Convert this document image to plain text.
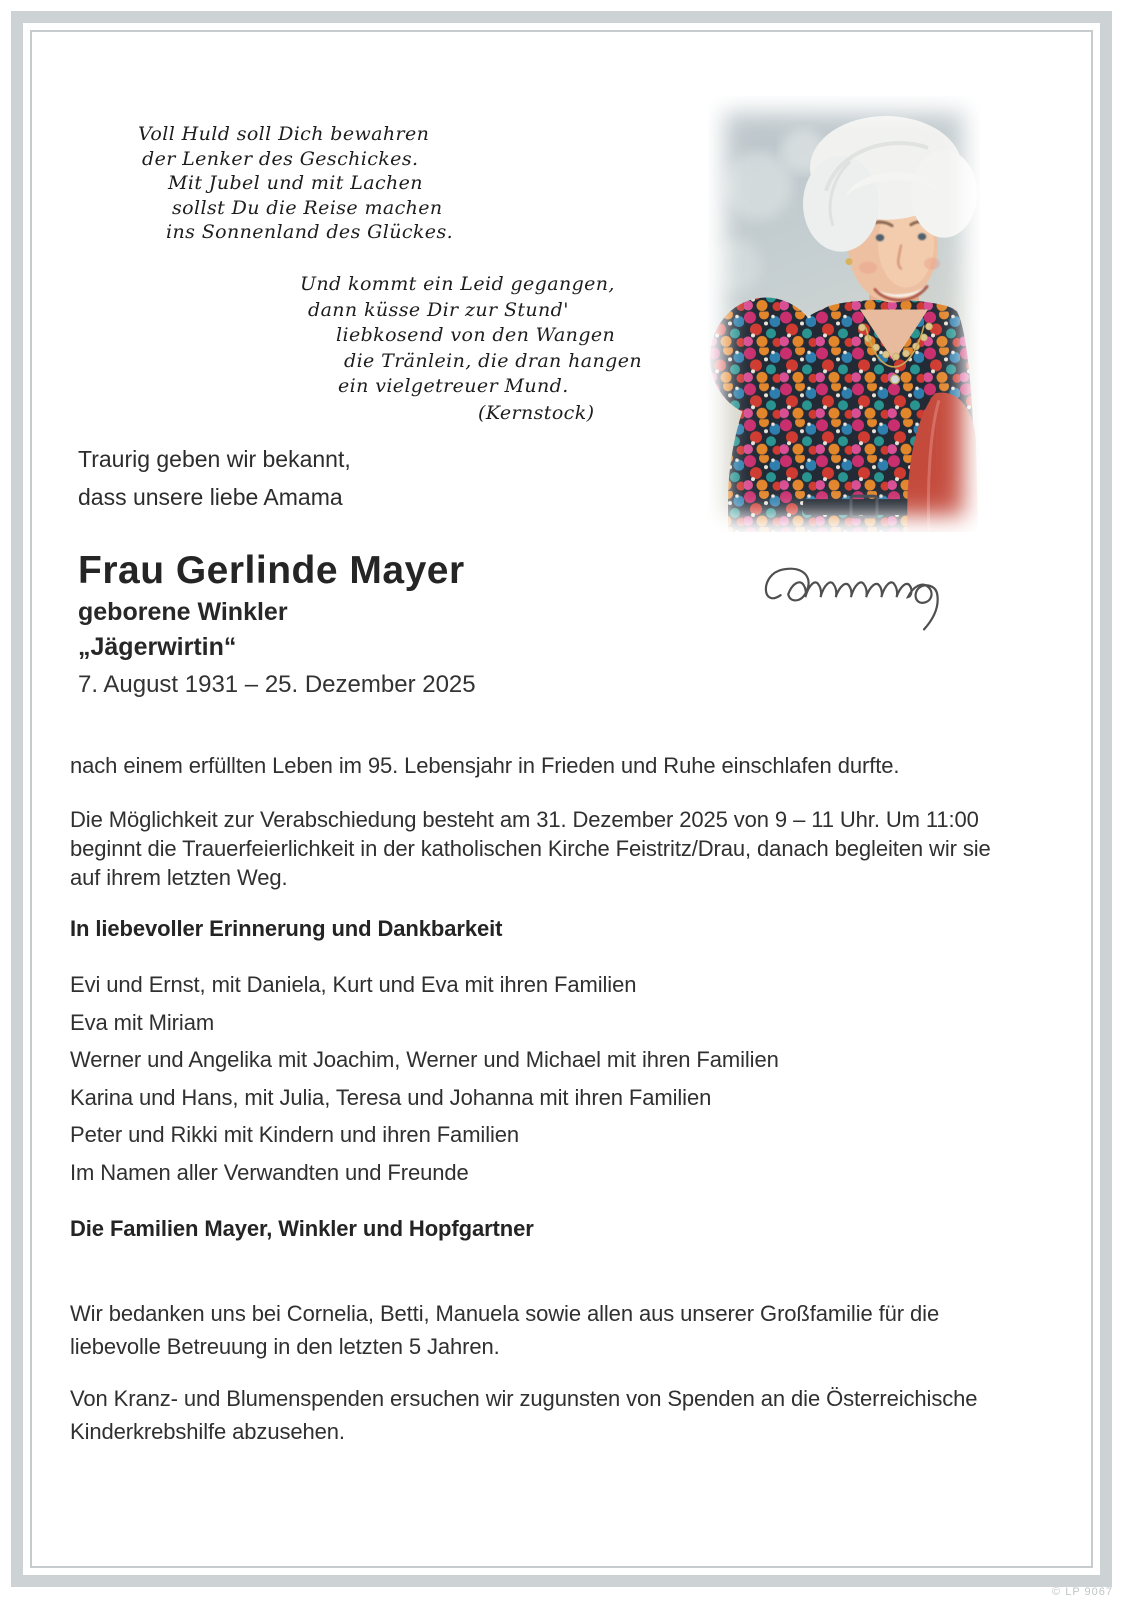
Voll Huld soll Dich bewahren
der Lenker des Geschickes.
Mit Jubel und mit Lachen
sollst Du die Reise machen
ins Sonnenland des Glückes.
Und kommt ein Leid gegangen,
dann küsse Dir zur Stund'
liebkosend von den Wangen
die Tränlein, die dran hangen
ein vielgetreuer Mund.
(Kernstock)
Traurig geben wir bekannt,
dass unsere liebe Amama
Frau Gerlinde Mayer
geborene Winkler
„Jägerwirtin“
7. August 1931 – 25. Dezember 2025
nach einem erfüllten Leben im 95. Lebensjahr in Frieden und Ruhe einschlafen durfte.
Die Möglichkeit zur Verabschiedung besteht am 31. Dezember 2025 von 9 – 11 Uhr. Um 11:00
beginnt die Trauerfeierlichkeit in der katholischen Kirche Feistritz/Drau, danach begleiten wir sie
auf ihrem letzten Weg.
In liebevoller Erinnerung und Dankbarkeit
Evi und Ernst, mit Daniela, Kurt und Eva mit ihren Familien
Eva mit Miriam
Werner und Angelika mit Joachim, Werner und Michael mit ihren Familien
Karina und Hans, mit Julia, Teresa und Johanna mit ihren Familien
Peter und Rikki mit Kindern und ihren Familien
Im Namen aller Verwandten und Freunde
Die Familien Mayer, Winkler und Hopfgartner
Wir bedanken uns bei Cornelia, Betti, Manuela sowie allen aus unserer Großfamilie für die
liebevolle Betreuung in den letzten 5 Jahren.
Von Kranz- und Blumenspenden ersuchen wir zugunsten von Spenden an die Österreichische
Kinderkrebshilfe abzusehen.
© LP 9067
